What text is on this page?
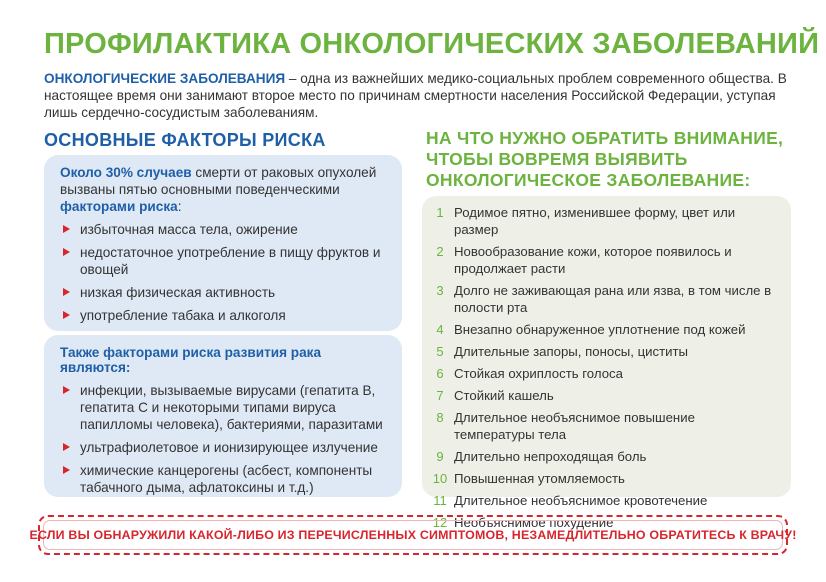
ПРОФИЛАКТИКА ОНКОЛОГИЧЕСКИХ ЗАБОЛЕВАНИЙ
ОНКОЛОГИЧЕСКИЕ ЗАБОЛЕВАНИЯ – одна из важнейших медико-социальных проблем современного общества. В настоящее время они занимают второе место по причинам смертности населения Российской Федерации, уступая лишь сердечно-сосудистым заболеваниям.
ОСНОВНЫЕ ФАКТОРЫ РИСКА
Около 30% случаев смерти от раковых опухолей вызваны пятью основными поведенческими факторами риска:
избыточная масса тела, ожирение
недостаточное употребление в пищу фруктов и овощей
низкая физическая активность
употребление табака и алкоголя
Также факторами риска развития рака являются:
инфекции, вызываемые вирусами (гепатита В, гепатита С и некоторыми типами вируса папилломы человека), бактериями, паразитами
ультрафиолетовое и ионизирующее излучение
химические канцерогены (асбест, компоненты табачного дыма, афлатоксины и т.д.)
НА ЧТО НУЖНО ОБРАТИТЬ ВНИМАНИЕ, ЧТОБЫ ВОВРЕМЯ ВЫЯВИТЬ ОНКОЛОГИЧЕСКОЕ ЗАБОЛЕВАНИЕ:
1 Родимое пятно, изменившее форму, цвет или размер
2 Новообразование кожи, которое появилось и продолжает расти
3 Долго не заживающая рана или язва, в том числе в полости рта
4 Внезапно обнаруженное уплотнение под кожей
5 Длительные запоры, поносы, циститы
6 Стойкая охриплость голоса
7 Стойкий кашель
8 Длительное необъяснимое повышение температуры тела
9 Длительно непроходящая боль
10 Повышенная утомляемость
11 Длительное необъяснимое кровотечение
12 Необъяснимое похудение
ЕСЛИ ВЫ ОБНАРУЖИЛИ КАКОЙ-ЛИБО ИЗ ПЕРЕЧИСЛЕННЫХ СИМПТОМОВ, НЕЗАМЕДЛИТЕЛЬНО ОБРАТИТЕСЬ К ВРАЧУ!
